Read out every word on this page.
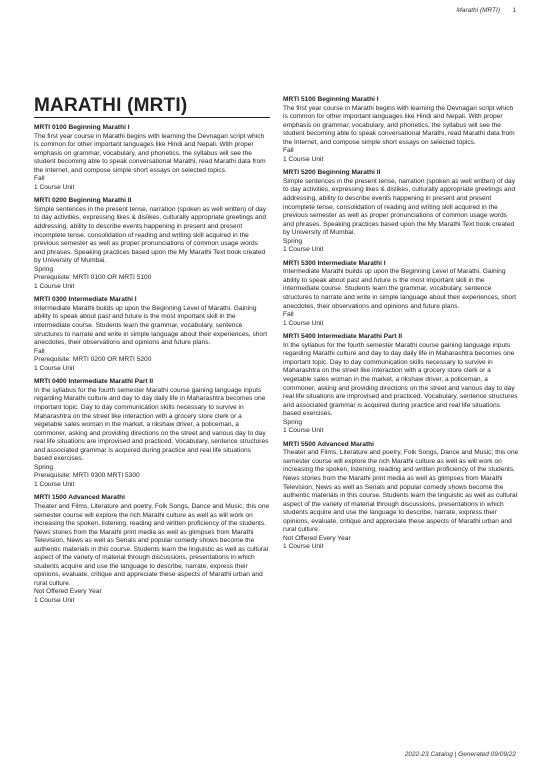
Marathi (MRTI) 1
MARATHI (MRTI)
MRTI 0100 Beginning Marathi I
The first year course in Marathi begins with learning the Devnagari script which is common for other important languages like Hindi and Nepali. With proper emphasis on grammar, vocabulary, and phonetics, the syllabus will see the student becoming able to speak conversational Marathi, read Marathi data from the Internet, and compose simple short essays on selected topics.
Fall
1 Course Unit
MRTI 0200 Beginning Marathi II
Simple sentences in the present tense, narration (spoken as well written) of day to day activities, expressing likes & dislikes, culturally appropriate greetings and addressing, ability to describe events happening in present and present incomplete tense, consolidation of reading and writing skill acquired in the previous semester as well as proper pronunciations of common usage words and phrases. Speaking practices based upon the My Marathi Text book created by University of Mumbai.
Spring
Prerequisite: MRTI 0100 OR MRTI 5100
1 Course Unit
MRTI 0300 Intermediate Marathi I
Intermediate Marathi builds up upon the Beginning Level of Marathi. Gaining ability to speak about past and future is the most important skill in the intermediate course. Students learn the grammar, vocabulary, sentence structures to narrate and write in simple language about their experiences, short anecdotes, their observations and opinions and future plans.
Fall
Prerequisite: MRTI 0200 OR MRTI 5200
1 Course Unit
MRTI 0400 Intermediate Marathi Part II
In the syllabus for the fourth semester Marathi course gaining language inputs regarding Marathi culture and day to day daily life in Maharashtra becomes one important topic. Day to day communication skills necessary to survive in Maharashtra on the street like interaction with a grocery store clerk or a vegetable sales woman in the market, a rikshaw driver, a policeman, a commoner, asking and providing directions on the street and various day to day real life situations are improvised and practiced. Vocabulary, sentence structures and associated grammar is acquired during practice and real life situations based exercises.
Spring
Prerequisite: MRTI 0300 MRTI 5300
1 Course Unit
MRTI 1500 Advanced Marathi
Theater and Films, Literature and poetry, Folk Songs, Dance and Music; this one semester course will explore the rich Marathi culture as well as will work on increasing the spoken, listening, reading and written proficiency of the students. News stories from the Marathi print media as well as glimpses from Marathi Television, News as well as Serials and popular comedy shows become the authentic materials in this course. Students learn the linguistic as well as cultural aspect of the variety of material through discussions, presentations in which students acquire and use the language to describe, narrate, express their opinions, evaluate, critique and appreciate these aspects of Marathi urban and rural culture.
Not Offered Every Year
1 Course Unit
MRTI 5100 Beginning Marathi I
The first year course in Marathi begins with learning the Devnagari script which is common for other important languages like Hindi and Nepali. With proper emphasis on grammar, vocabulary, and phonetics, the syllabus will see the student becoming able to speak conversational Marathi, read Marathi data from the Internet, and compose simple short essays on selected topics.
Fall
1 Course Unit
MRTI 5200 Beginning Marathi II
Simple sentences in the present tense, narration (spoken as well written) of day to day activities, expressing likes & dislikes, culturally appropriate greetings and addressing, ability to describe events happening in present and present incomplete tense, consolidation of reading and writing skill acquired in the previous semester as well as proper pronunciations of common usage words and phrases. Speaking practices based upon the My Marathi Text book created by University of Mumbai.
Spring
1 Course Unit
MRTI 5300 Intermediate Marathi I
Intermediate Marathi builds up upon the Beginning Level of Marathi. Gaining ability to speak about past and future is the most important skill in the intermediate course. Students learn the grammar, vocabulary, sentence structures to narrate and write in simple language about their experiences, short anecdotes, their observations and opinions and future plans.
Fall
1 Course Unit
MRTI 5400 Intermediate Marathi Part II
In the syllabus for the fourth semester Marathi course gaining language inputs regarding Marathi culture and day to day daily life in Maharashtra becomes one important topic. Day to day communication skills necessary to survive in Maharashtra on the street like interaction with a grocery store clerk or a vegetable sales woman in the market, a rikshaw driver, a policeman, a commoner, asking and providing directions on the street and various day to day real life situations are improvised and practiced. Vocabulary, sentence structures and associated grammar is acquired during practice and real life situations based exercises.
Spring
1 Course Unit
MRTI 5500 Advanced Marathi
Theater and Films, Literature and poetry, Folk Songs, Dance and Music; this one semester course will explore the rich Marathi culture as well as will work on increasing the spoken, listening, reading and written proficiency of the students. News stories from the Marathi print media as well as glimpses from Marathi Television, News as well as Serials and popular comedy shows become the authentic materials in this course. Students learn the linguistic as well as cultural aspect of the variety of material through discussions, presentations in which students acquire and use the language to describe, narrate, express their opinions, evaluate, critique and appreciate these aspects of Marathi urban and rural culture.
Not Offered Every Year
1 Course Unit
2022-23 Catalog | Generated 09/09/22
